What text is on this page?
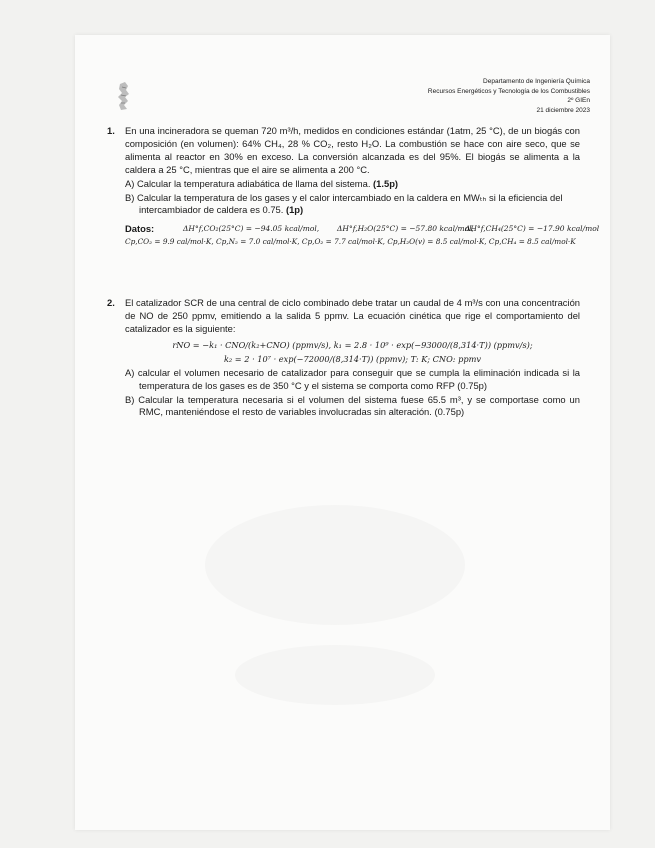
Departamento de Ingeniería Química
Recursos Energéticos y Tecnología de los Combustibles
2º GIEn
21 diciembre 2023
1. En una incineradora se queman 720 m³/h, medidos en condiciones estándar (1atm, 25 °C), de un biogás con composición (en volumen): 64% CH₄, 28 % CO₂, resto H₂O. La combustión se hace con aire seco, que se alimenta al reactor en 30% en exceso. La conversión alcanzada es del 95%. El biogás se alimenta a la caldera a 25 °C, mientras que el aire se alimenta a 200 °C.
A) Calcular la temperatura adiabática de llama del sistema. (1.5p)
B) Calcular la temperatura de los gases y el calor intercambiado en la caldera en MWₜₕ si la eficiencia del intercambiador de caldera es 0.75. (1p)
Datos:	ΔH°f,CO₂(25°C) = −94.05 kcal/mol, ΔH°f,H₂O(25°C) = −57.80 kcal/mol,
ΔH°f,CH₄(25°C) = −17.90 kcal/mol
Cp,CO₂ = 9.9 cal/mol·K, Cp,N₂ = 7.0 cal/mol·K, Cp,O₂ = 7.7 cal/mol·K, Cp,H₂O(v) = 8.5 cal/mol·K, Cp,CH₄ = 8.5 cal/mol·K
2. El catalizador SCR de una central de ciclo combinado debe tratar un caudal de 4 m³/s con una concentración de NO de 250 ppmv, emitiendo a la salida 5 ppmv. La ecuación cinética que rige el comportamiento del catalizador es la siguiente:
rNO = −k₁ · CNO/(k₂+CNO) (ppmv/s), k₁ = 2.8 · 10⁹ · exp(−93000/(8,314·T)) (ppmv/s);
k₂ = 2 · 10⁷ · exp(−72000/(8,314·T)) (ppmv); T: K; CNO: ppmv
A) calcular el volumen necesario de catalizador para conseguir que se cumpla la eliminación indicada si la temperatura de los gases es de 350 °C y el sistema se comporta como RFP (0.75p)
B) Calcular la temperatura necesaria si el volumen del sistema fuese 65.5 m³, y se comportase como un RMC, manteniéndose el resto de variables involucradas sin alteración. (0.75p)
